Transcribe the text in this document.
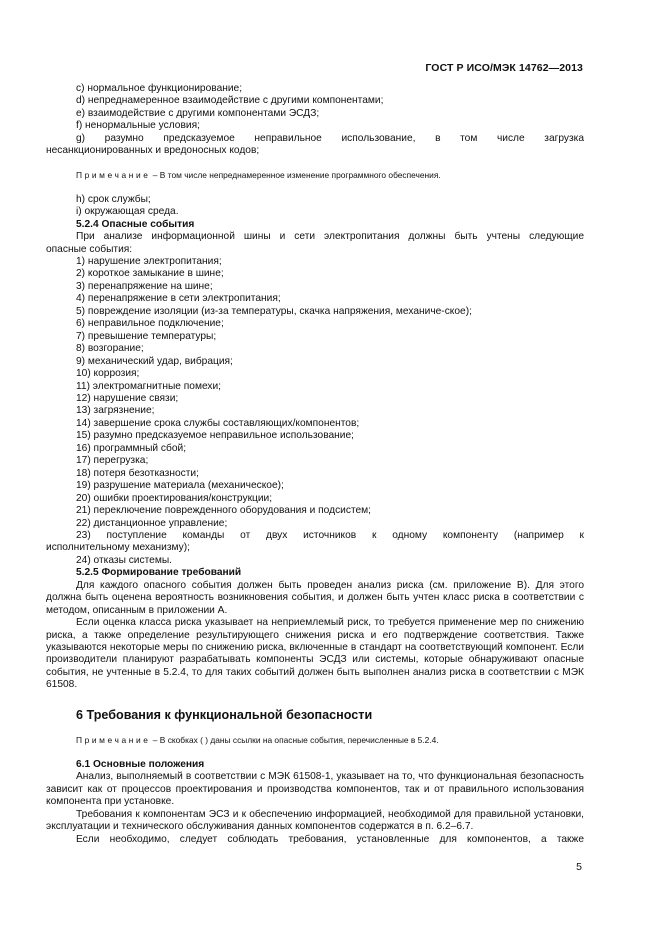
ГОСТ Р ИСО/МЭК 14762—2013

c) нормальное функционирование;

d) непреднамеренное взаимодействие с другими компонентами;

e) взаимодействие с другими компонентами ЭСДЗ;

f) ненормальные условия;

g) разумно предсказуемое неправильное использование, в том числе загрузка

несанкционированных и вредоносных кодов;

Примечание – В том числе непреднамеренное изменение программного обеспечения.

h) срок службы;

i) окружающая среда.

5.2.4 Опасные события

При анализе информационной шины и сети электропитания должны быть учтены следующие

опасные события:

1) нарушение электропитания;

2) короткое замыкание в шине;

3) перенапряжение на шине;

4) перенапряжение в сети электропитания;

5) повреждение изоляции (из-за температуры, скачка напряжения, механиче-ское);

6) неправильное подключение;

7) превышение температуры;

8) возгорание;

9) механический удар, вибрация;

10) коррозия;

11) электромагнитные помехи;

12) нарушение связи;

13) загрязнение;

14) завершение срока службы составляющих/компонентов;

15) разумно предсказуемое неправильное использование;

16) программный сбой;

17) перегрузка;

18) потеря безотказности;

19) разрушение материала (механическое);

20) ошибки проектирования/конструкции;

21) переключение поврежденного оборудования и подсистем;

22) дистанционное управление;

23) поступление команды от двух источников к одному компоненту (например к

исполнительному механизму);

24) отказы системы.

5.2.5 Формирование требований

Для каждого опасного события должен быть проведен анализ риска (см. приложение В). Для этого должна быть оценена вероятность возникновения события, и должен быть учтен класс риска в соответствии с методом, описанным в приложении А.

Если оценка класса риска указывает на неприемлемый риск, то требуется применение мер по снижению риска, а также определение результирующего снижения риска и его подтверждение соответствия. Также указываются некоторые меры по снижению риска, включенные в стандарт на соответствующий компонент. Если производители планируют разрабатывать компоненты ЭСДЗ или системы, которые обнаруживают опасные события, не учтенные в 5.2.4, то для таких событий должен быть выполнен анализ риска в соответствии с МЭК 61508.

6 Требования к функциональной безопасности

Примечание – В скобках ( ) даны ссылки на опасные события, перечисленные в 5.2.4.

6.1 Основные положения

Анализ, выполняемый в соответствии с МЭК 61508-1, указывает на то, что функциональная безопасность зависит как от процессов проектирования и производства компонентов, так и от правильного использования компонента при установке.

Требования к компонентам ЭСЗ и к обеспечению информацией, необходимой для правильной установки, эксплуатации и технического обслуживания данных компонентов содержатся в п. 6.2–6.7.

Если необходимо, следует соблюдать требования, установленные для компонентов, а также

5
